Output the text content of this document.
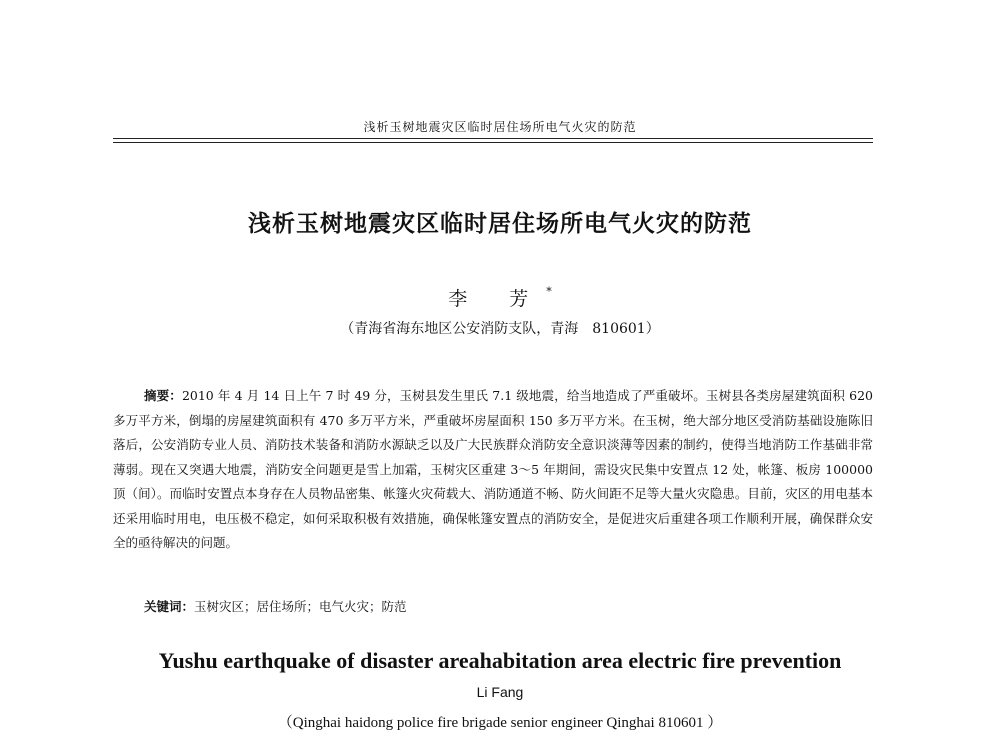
浅析玉树地震灾区临时居住场所电气火灾的防范
浅析玉树地震灾区临时居住场所电气火灾的防范
李 芳*
（青海省海东地区公安消防支队，青海　810601）

摘要：2010 年 4 月 14 日上午 7 时 49 分，玉树县发生里氏 7.1 级地震，给当地造成了严重破坏。玉树县各类房屋建筑面积 620 多万平方米，倒塌的房屋建筑面积有 470 多万平方米，严重破坏房屋面积 150 多万平方米。在玉树，绝大部分地区受消防基础设施陈旧落后，公安消防专业人员、消防技术装备和消防水源缺乏以及广大民族群众消防安全意识淡薄等因素的制约，使得当地消防工作基础非常薄弱。现在又突遇大地震，消防安全问题更是雪上加霜，玉树灾区重建 3～5 年期间，需设灾民集中安置点 12 处，帐篷、板房 100000 顶（间）。而临时安置点本身存在人员物品密集、帐篷火灾荷载大、消防通道不畅、防火间距不足等大量火灾隐患。目前，灾区的用电基本还采用临时用电，电压极不稳定，如何采取积极有效措施，确保帐篷安置点的消防安全，是促进灾后重建各项工作顺利开展，确保群众安全的亟待解决的问题。

关键词：玉树灾区；居住场所；电气火灾；防范

Yushu earthquake of disaster areahabitation area electric fire prevention
Li Fang
（Qinghai haidong police fire brigade senior engineer Qinghai 810601 ）
